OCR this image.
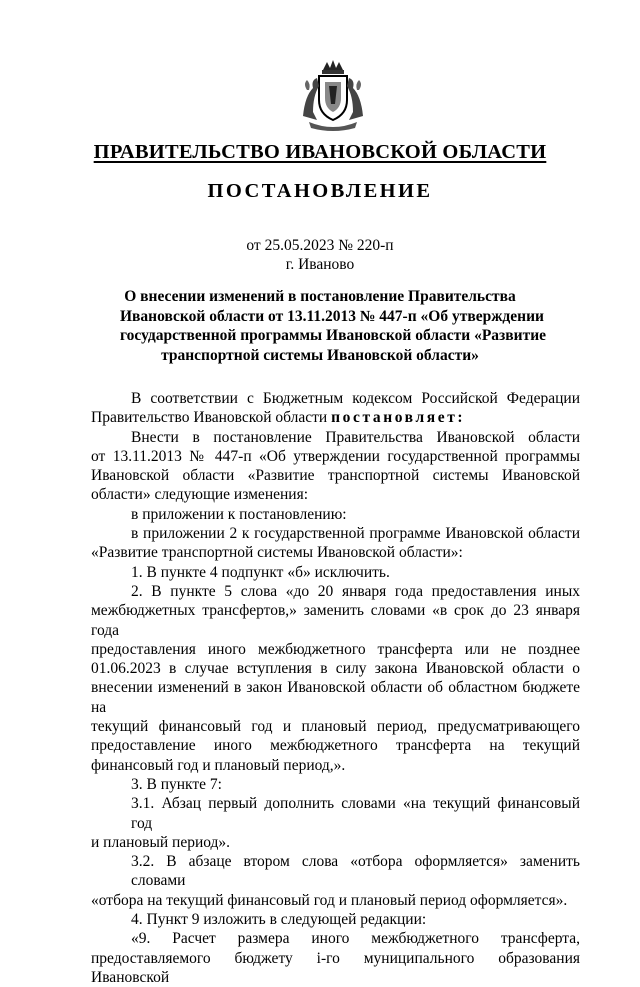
ПРАВИТЕЛЬСТВО ИВАНОВСКОЙ ОБЛАСТИ
ПОСТАНОВЛЕНИЕ
от 25.05.2023 № 220-п
г. Иваново
О внесении изменений в постановление Правительства
Ивановской области от 13.11.2013 № 447-п «Об утверждении
государственной программы Ивановской области «Развитие
транспортной системы Ивановской области»
В соответствии с Бюджетным кодексом Российской Федерации
Правительство Ивановской области постановляет:
Внести в постановление Правительства Ивановской области
от 13.11.2013 № 447-п «Об утверждении государственной программы
Ивановской области «Развитие транспортной системы Ивановской
области» следующие изменения:
в приложении к постановлению:
в приложении 2 к государственной программе Ивановской области
«Развитие транспортной системы Ивановской области»:
1. В пункте 4 подпункт «б» исключить.
2. В пункте 5 слова «до 20 января года предоставления иных
межбюджетных трансфертов,» заменить словами «в срок до 23 января года
предоставления иного межбюджетного трансферта или не позднее
01.06.2023 в случае вступления в силу закона Ивановской области о
внесении изменений в закон Ивановской области об областном бюджете на
текущий финансовый год и плановый период, предусматривающего
предоставление иного межбюджетного трансферта на текущий
финансовый год и плановый период,».
3. В пункте 7:
3.1. Абзац первый дополнить словами «на текущий финансовый год
и плановый период».
3.2. В абзаце втором слова «отбора оформляется» заменить словами
«отбора на текущий финансовый год и плановый период оформляется».
4. Пункт 9 изложить в следующей редакции:
«9. Расчет размера иного межбюджетного трансферта,
предоставляемого бюджету i-го муниципального образования Ивановской
